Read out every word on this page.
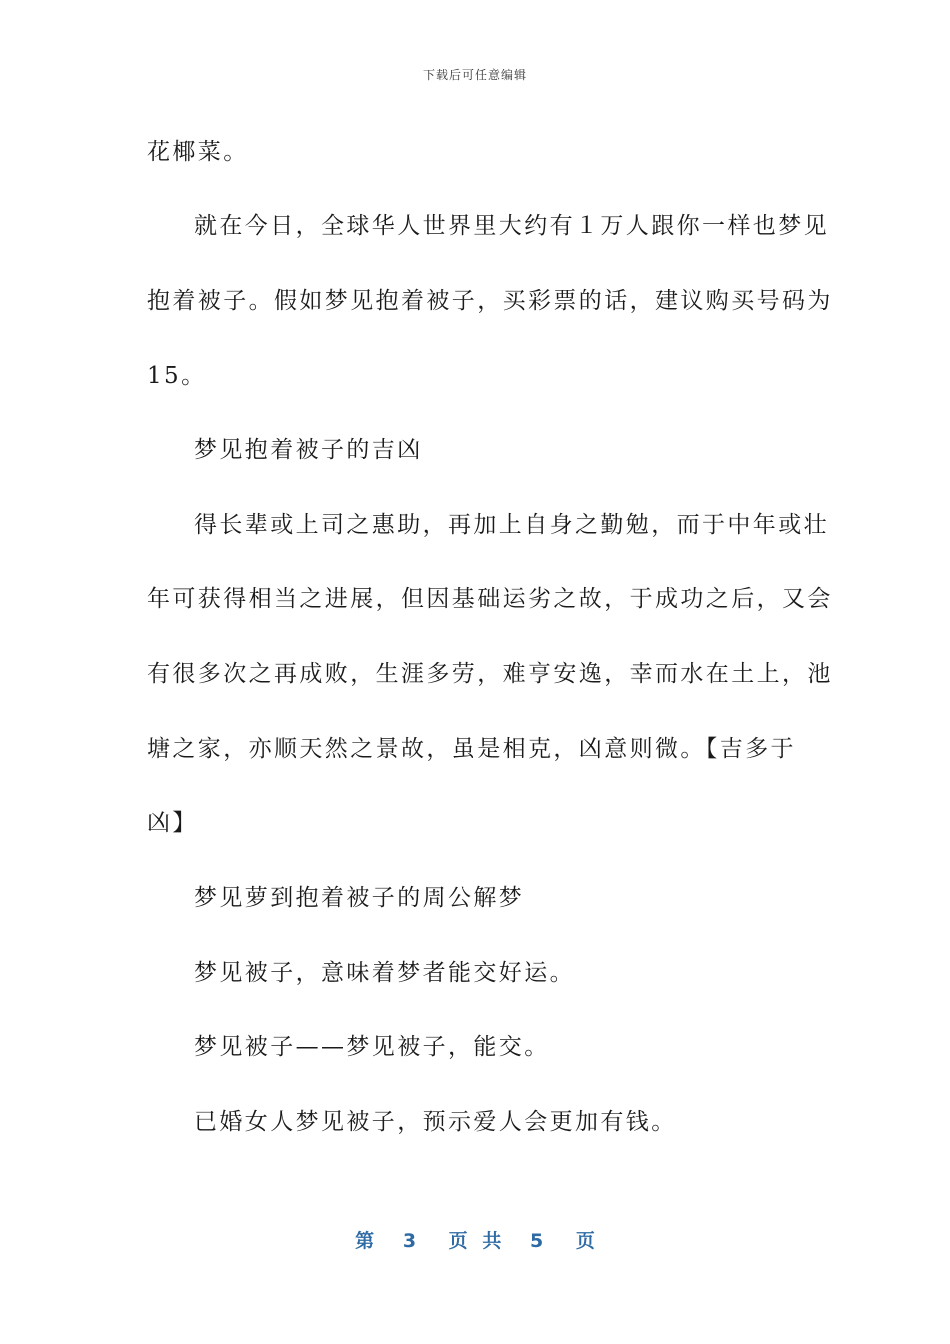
下载后可任意编辑
花椰菜。
就在今日，全球华人世界里大约有１万人跟你一样也梦见
抱着被子。假如梦见抱着被子，买彩票的话，建议购买号码为
15。
梦见抱着被子的吉凶
得长辈或上司之惠助，再加上自身之勤勉，而于中年或壮
年可获得相当之进展，但因基础运劣之故，于成功之后，又会
有很多次之再成败，生涯多劳，难亨安逸，幸而水在土上，池
塘之家，亦顺天然之景故，虽是相克，凶意则微。【吉多于
凶】
梦见萝到抱着被子的周公解梦
梦见被子，意味着梦者能交好运。
梦见被子——梦见被子，能交。
已婚女人梦见被子，预示爱人会更加有钱。
第 3 页 共 5 页
